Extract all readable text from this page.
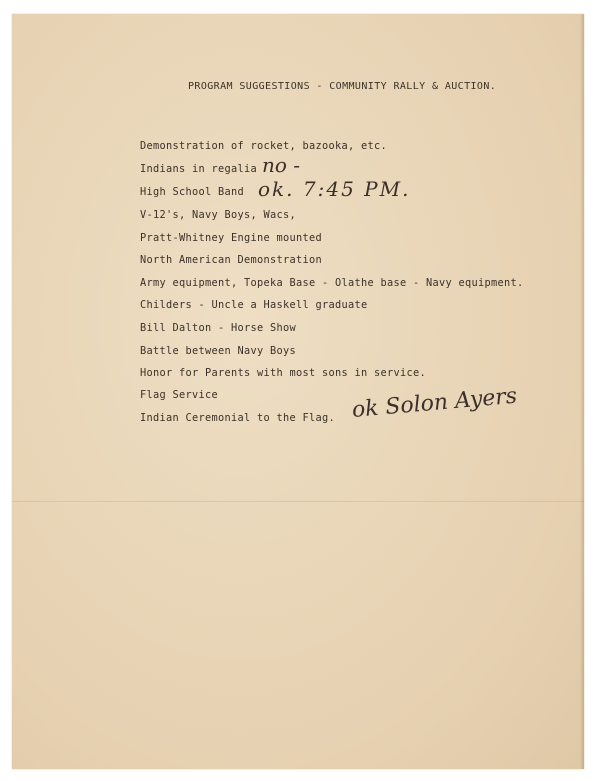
PROGRAM SUGGESTIONS - COMMUNITY RALLY & AUCTION.
Demonstration of rocket, bazooka, etc.
Indians in regalia
High School Band
V-12's, Navy Boys, Wacs,
Pratt-Whitney Engine mounted
North American Demonstration
Army equipment, Topeka Base - Olathe base - Navy equipment.
Childers - Uncle a Haskell graduate
Bill Dalton - Horse Show
Battle between Navy Boys
Honor for Parents with most sons in service.
Flag Service
Indian Ceremonial to the Flag.
no -
ok. 7:45 PM.
ok Solon Ayers
